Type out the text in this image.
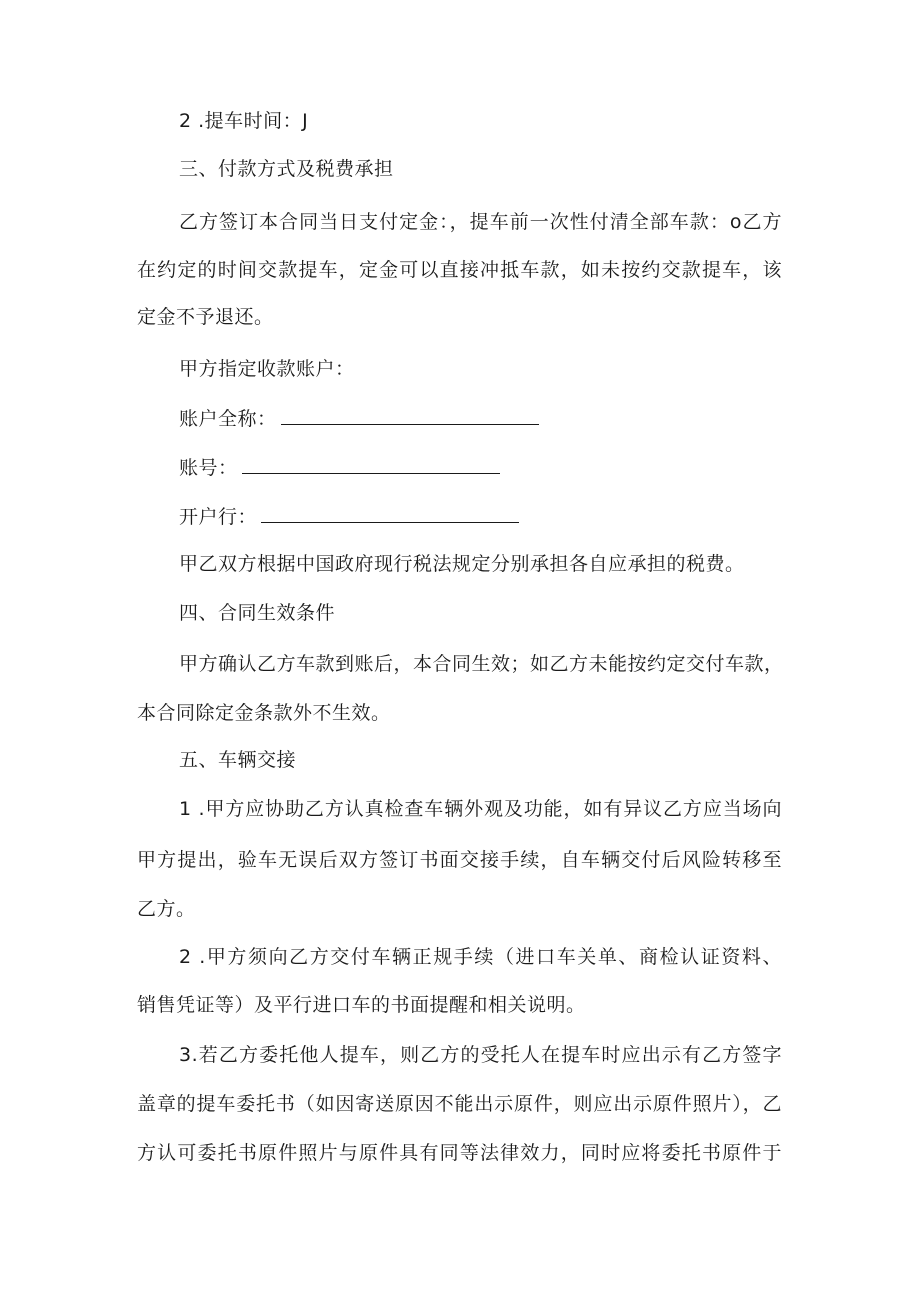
2 .提车时间：J
三、付款方式及税费承担
乙方签订本合同当日支付定金：，提车前一次性付清全部车款：o乙方
在约定的时间交款提车，定金可以直接冲抵车款，如未按约交款提车，该
定金不予退还。
甲方指定收款账户：
账户全称：
账号：
开户行：
甲乙双方根据中国政府现行税法规定分别承担各自应承担的税费。
四、合同生效条件
甲方确认乙方车款到账后，本合同生效；如乙方未能按约定交付车款，
本合同除定金条款外不生效。
五、车辆交接
1 .甲方应协助乙方认真检查车辆外观及功能，如有异议乙方应当场向
甲方提出，验车无误后双方签订书面交接手续，自车辆交付后风险转移至
乙方。
2 .甲方须向乙方交付车辆正规手续（进口车关单、商检认证资料、
销售凭证等）及平行进口车的书面提醒和相关说明。
3.若乙方委托他人提车，则乙方的受托人在提车时应出示有乙方签字
盖章的提车委托书（如因寄送原因不能出示原件，则应出示原件照片），乙
方认可委托书原件照片与原件具有同等法律效力，同时应将委托书原件于
